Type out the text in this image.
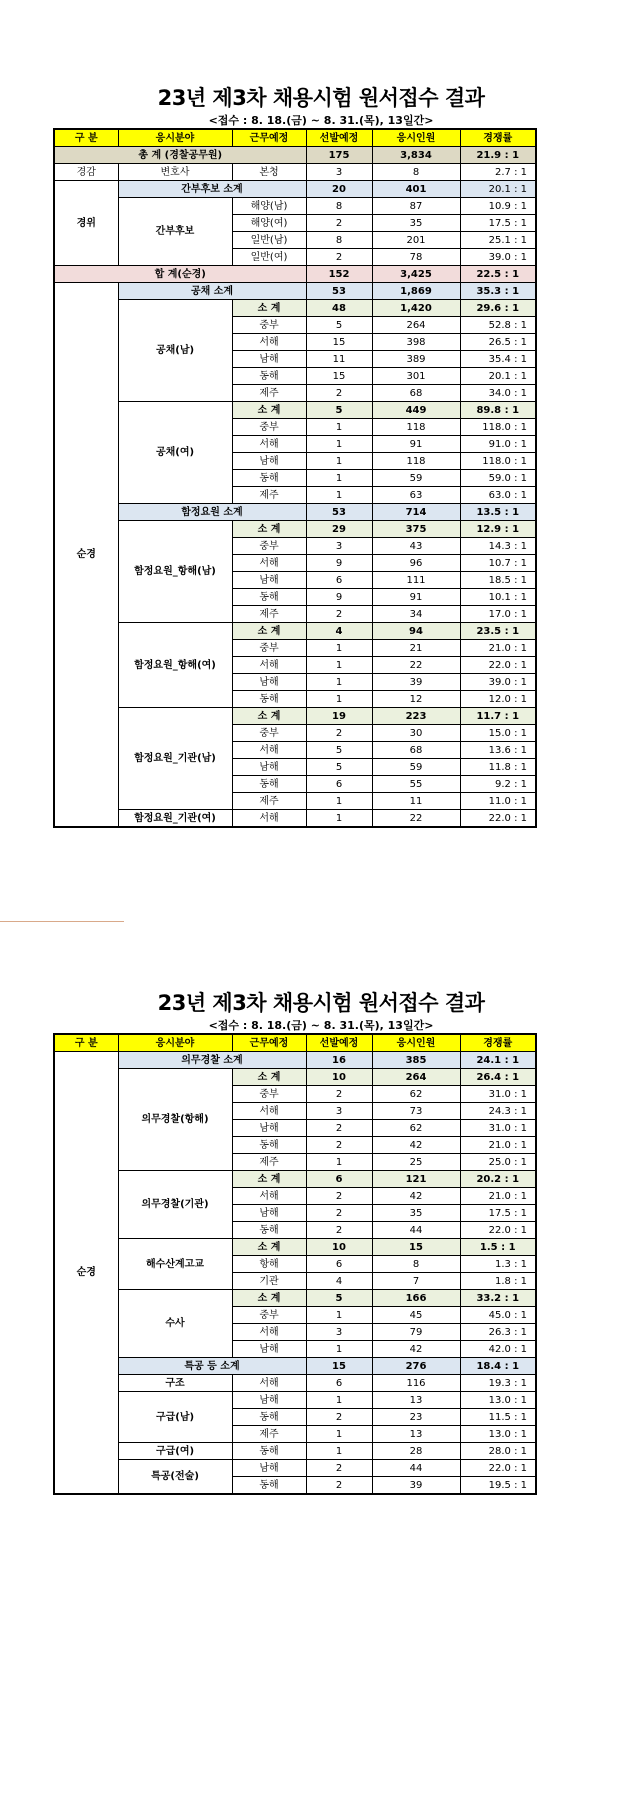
23년 제3차 채용시험 원서접수 결과
<접수 : 8. 18.(금) ~ 8. 31.(목), 13일간>
구 분	응시분야	근무예정	선발예정	응시인원	경쟁률
총 계 (경찰공무원)			175	3,834	21.9 : 1
경감	변호사	본청	3	8	2.7 : 1
경위	간부후보 소계		20	401	20.1 : 1
	간부후보	해양(남)	8	87	10.9 : 1
		해양(여)	2	35	17.5 : 1
		일반(남)	8	201	25.1 : 1
		일반(여)	2	78	39.0 : 1
합 계(순경)			152	3,425	22.5 : 1
순경	공채 소계		53	1,869	35.3 : 1
	공채(남)	소 계	48	1,420	29.6 : 1
		중부	5	264	52.8 : 1
		서해	15	398	26.5 : 1
		남해	11	389	35.4 : 1
		동해	15	301	20.1 : 1
		제주	2	68	34.0 : 1
	공채(여)	소 계	5	449	89.8 : 1
		중부	1	118	118.0 : 1
		서해	1	91	91.0 : 1
		남해	1	118	118.0 : 1
		동해	1	59	59.0 : 1
		제주	1	63	63.0 : 1
	함정요원 소계		53	714	13.5 : 1
	함정요원_항해(남)	소 계	29	375	12.9 : 1
		중부	3	43	14.3 : 1
		서해	9	96	10.7 : 1
		남해	6	111	18.5 : 1
		동해	9	91	10.1 : 1
		제주	2	34	17.0 : 1
	함정요원_항해(여)	소 계	4	94	23.5 : 1
		중부	1	21	21.0 : 1
		서해	1	22	22.0 : 1
		남해	1	39	39.0 : 1
		동해	1	12	12.0 : 1
	함정요원_기관(남)	소 계	19	223	11.7 : 1
		중부	2	30	15.0 : 1
		서해	5	68	13.6 : 1
		남해	5	59	11.8 : 1
		동해	6	55	9.2 : 1
		제주	1	11	11.0 : 1
	함정요원_기관(여)	서해	1	22	22.0 : 1
23년 제3차 채용시험 원서접수 결과
<접수 : 8. 18.(금) ~ 8. 31.(목), 13일간>
구 분	응시분야	근무예정	선발예정	응시인원	경쟁률
순경	의무경찰 소계		16	385	24.1 : 1
	의무경찰(항해)	소 계	10	264	26.4 : 1
		중부	2	62	31.0 : 1
		서해	3	73	24.3 : 1
		남해	2	62	31.0 : 1
		동해	2	42	21.0 : 1
		제주	1	25	25.0 : 1
	의무경찰(기관)	소 계	6	121	20.2 : 1
		서해	2	42	21.0 : 1
		남해	2	35	17.5 : 1
		동해	2	44	22.0 : 1
	해수산계고교	소 계	10	15	1.5 : 1
		항해	6	8	1.3 : 1
		기관	4	7	1.8 : 1
	수사	소 계	5	166	33.2 : 1
		중부	1	45	45.0 : 1
		서해	3	79	26.3 : 1
		남해	1	42	42.0 : 1
	특공 등 소계		15	276	18.4 : 1
	구조	서해	6	116	19.3 : 1
	구급(남)	남해	1	13	13.0 : 1
		동해	2	23	11.5 : 1
		제주	1	13	13.0 : 1
	구급(여)	동해	1	28	28.0 : 1
	특공(전술)	남해	2	44	22.0 : 1
		동해	2	39	19.5 : 1
